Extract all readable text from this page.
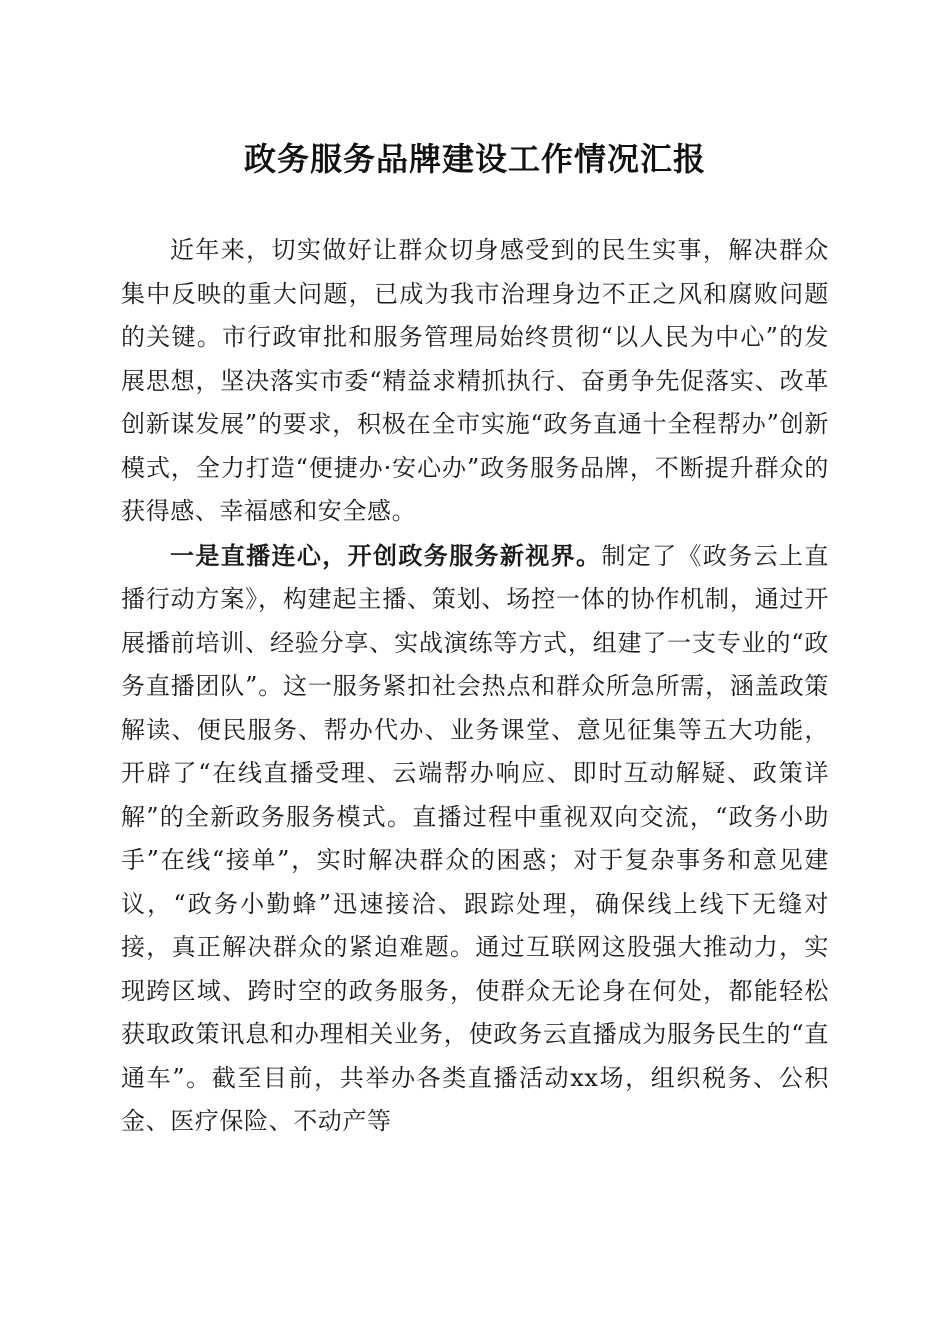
政务服务品牌建设工作情况汇报

近年来，切实做好让群众切身感受到的民生实事，解决群众集中反映的重大问题，已成为我市治理身边不正之风和腐败问题的关键。市行政审批和服务管理局始终贯彻“以人民为中心”的发展思想，坚决落实市委“精益求精抓执行、奋勇争先促落实、改革创新谋发展”的要求，积极在全市实施“政务直通十全程帮办”创新模式，全力打造“便捷办·安心办”政务服务品牌，不断提升群众的获得感、幸福感和安全感。

一是直播连心，开创政务服务新视界。制定了《政务云上直播行动方案》，构建起主播、策划、场控一体的协作机制，通过开展播前培训、经验分享、实战演练等方式，组建了一支专业的“政务直播团队”。这一服务紧扣社会热点和群众所急所需，涵盖政策解读、便民服务、帮办代办、业务课堂、意见征集等五大功能，开辟了“在线直播受理、云端帮办响应、即时互动解疑、政策详解”的全新政务服务模式。直播过程中重视双向交流，“政务小助手”在线“接单”，实时解决群众的困惑；对于复杂事务和意见建议，“政务小勤蜂”迅速接洽、跟踪处理，确保线上线下无缝对接，真正解决群众的紧迫难题。通过互联网这股强大推动力，实现跨区域、跨时空的政务服务，使群众无论身在何处，都能轻松获取政策讯息和办理相关业务，使政务云直播成为服务民生的“直通车”。截至目前，共举办各类直播活动xx场，组织税务、公积金、医疗保险、不动产等
